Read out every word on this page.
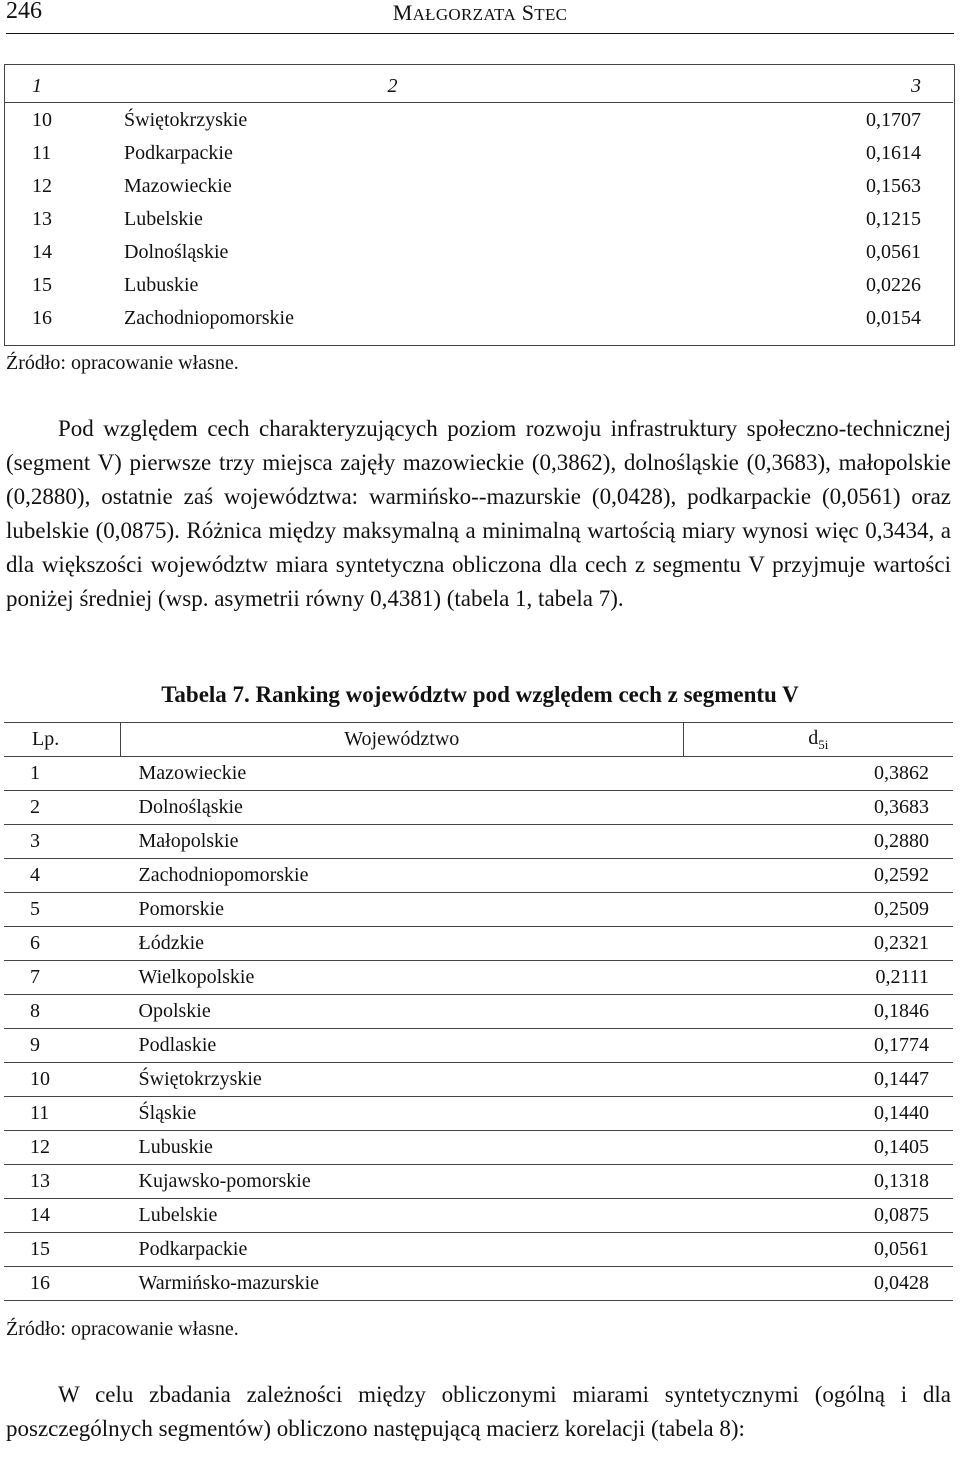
246	MAŁGORZATA STEC
1	2	3
10	Świętokrzyskie	0,1707
11	Podkarpackie	0,1614
12	Mazowieckie	0,1563
13	Lubelskie	0,1215
14	Dolnośląskie	0,0561
15	Lubuskie	0,0226
16	Zachodniopomorskie	0,0154
Źródło: opracowanie własne.

Pod względem cech charakteryzujących poziom rozwoju infrastruktury społeczno-technicznej (segment V) pierwsze trzy miejsca zajęły mazowieckie (0,3862), dolnośląskie (0,3683), małopolskie (0,2880), ostatnie zaś województwa: warmińsko--mazurskie (0,0428), podkarpackie (0,0561) oraz lubelskie (0,0875). Różnica między maksymalną a minimalną wartością miary wynosi więc 0,3434, a dla większości województw miara syntetyczna obliczona dla cech z segmentu V przyjmuje wartości poniżej średniej (wsp. asymetrii równy 0,4381) (tabela 1, tabela 7).

Tabela 7. Ranking województw pod względem cech z segmentu V
Lp.	Województwo	$d_{5i}$
1	Mazowieckie	0,3862
2	Dolnośląskie	0,3683
3	Małopolskie	0,2880
4	Zachodniopomorskie	0,2592
5	Pomorskie	0,2509
6	Łódzkie	0,2321
7	Wielkopolskie	0,2111
8	Opolskie	0,1846
9	Podlaskie	0,1774
10	Świętokrzyskie	0,1447
11	Śląskie	0,1440
12	Lubuskie	0,1405
13	Kujawsko-pomorskie	0,1318
14	Lubelskie	0,0875
15	Podkarpackie	0,0561
16	Warmińsko-mazurskie	0,0428
Źródło: opracowanie własne.

W celu zbadania zależności między obliczonymi miarami syntetycznymi (ogólną i dla poszczególnych segmentów) obliczono następującą macierz korelacji (tabela 8):
